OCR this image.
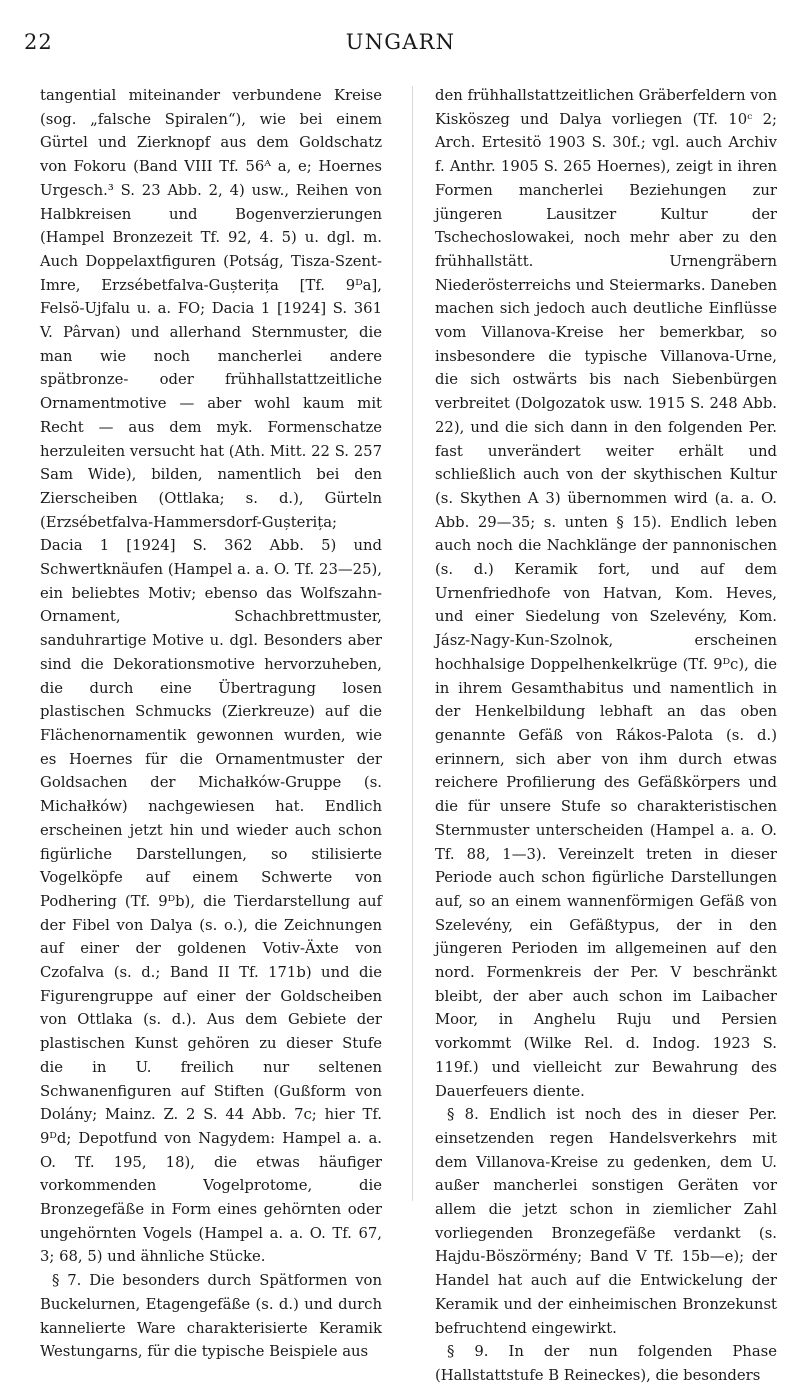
22	UNGARN

tangential miteinander verbundene Kreise (sog. „falsche Spiralen“), wie bei einem Gürtel und Zierknopf aus dem Goldschatz von Fokoru (Band VIII Tf. 56ᴬ a, e; Hoernes Urgesch.³ S. 23 Abb. 2, 4) usw., Reihen von Halbkreisen und Bogenverzierungen (Hampel Bronzezeit Tf. 92, 4. 5) u. dgl. m. Auch Doppelaxtfiguren (Potság, Tisza-Szent-Imre, Erzsébetfalva-Gușterița [Tf. 9ᴰa], Felsö-Ujfalu u. a. FO; Dacia 1 [1924] S. 361 V. Pârvan) und allerhand Sternmuster, die man wie noch mancherlei andere spätbronze- oder frühhallstattzeitliche Ornamentmotive — aber wohl kaum mit Recht — aus dem myk. Formenschatze herzuleiten versucht hat (Ath. Mitt. 22 S. 257 Sam Wide), bilden, namentlich bei den Zierscheiben (Ottlaka; s. d.), Gürteln (Erzsébetfalva-Hammersdorf-Gușterița; Dacia 1 [1924] S. 362 Abb. 5) und Schwertknäufen (Hampel a. a. O. Tf. 23—25), ein beliebtes Motiv; ebenso das Wolfszahn-Ornament, Schachbrettmuster, sanduhrartige Motive u. dgl. Besonders aber sind die Dekorationsmotive hervorzuheben, die durch eine Übertragung losen plastischen Schmucks (Zierkreuze) auf die Flächenornamentik gewonnen wurden, wie es Hoernes für die Ornamentmuster der Goldsachen der Michałków-Gruppe (s. Michałków) nachgewiesen hat. Endlich erscheinen jetzt hin und wieder auch schon figürliche Darstellungen, so stilisierte Vogelköpfe auf einem Schwerte von Podhering (Tf. 9ᴰb), die Tierdarstellung auf der Fibel von Dalya (s. o.), die Zeichnungen auf einer der goldenen Votiv-Äxte von Czofalva (s. d.; Band II Tf. 171b) und die Figurengruppe auf einer der Goldscheiben von Ottlaka (s. d.). Aus dem Gebiete der plastischen Kunst gehören zu dieser Stufe die in U. freilich nur seltenen Schwanenfiguren auf Stiften (Gußform von Dolány; Mainz. Z. 2 S. 44 Abb. 7c; hier Tf. 9ᴰd; Depotfund von Nagydem: Hampel a. a. O. Tf. 195, 18), die etwas häufiger vorkommenden Vogelprotome, die Bronzegefäße in Form eines gehörnten oder ungehörnten Vogels (Hampel a. a. O. Tf. 67, 3; 68, 5) und ähnliche Stücke.

§ 7. Die besonders durch Spätformen von Buckelurnen, Etagengefäße (s. d.) und durch kannelierte Ware charakterisierte Keramik Westungarns, für die typische Beispiele aus

den frühhallstattzeitlichen Gräberfeldern von Kisköszeg und Dalya vorliegen (Tf. 10ᶜ 2; Arch. Ertesitö 1903 S. 30f.; vgl. auch Archiv f. Anthr. 1905 S. 265 Hoernes), zeigt in ihren Formen mancherlei Beziehungen zur jüngeren Lausitzer Kultur der Tschechoslowakei, noch mehr aber zu den frühhallstätt. Urnengräbern Niederösterreichs und Steiermarks. Daneben machen sich jedoch auch deutliche Einflüsse vom Villanova-Kreise her bemerkbar, so insbesondere die typische Villanova-Urne, die sich ostwärts bis nach Siebenbürgen verbreitet (Dolgozatok usw. 1915 S. 248 Abb. 22), und die sich dann in den folgenden Per. fast unverändert weiter erhält und schließlich auch von der skythischen Kultur (s. Skythen A 3) übernommen wird (a. a. O. Abb. 29—35; s. unten § 15). Endlich leben auch noch die Nachklänge der pannonischen (s. d.) Keramik fort, und auf dem Urnenfriedhofe von Hatvan, Kom. Heves, und einer Siedelung von Szelevény, Kom. Jász-Nagy-Kun-Szolnok, erscheinen hochhalsige Doppelhenkelkrüge (Tf. 9ᴰc), die in ihrem Gesamthabitus und namentlich in der Henkelbildung lebhaft an das oben genannte Gefäß von Rákos-Palota (s. d.) erinnern, sich aber von ihm durch etwas reichere Profilierung des Gefäßkörpers und die für unsere Stufe so charakteristischen Sternmuster unterscheiden (Hampel a. a. O. Tf. 88, 1—3). Vereinzelt treten in dieser Periode auch schon figürliche Darstellungen auf, so an einem wannenförmigen Gefäß von Szelevény, ein Gefäßtypus, der in den jüngeren Perioden im allgemeinen auf den nord. Formenkreis der Per. V beschränkt bleibt, der aber auch schon im Laibacher Moor, in Anghelu Ruju und Persien vorkommt (Wilke Rel. d. Indog. 1923 S. 119f.) und vielleicht zur Bewahrung des Dauerfeuers diente.

§ 8. Endlich ist noch des in dieser Per. einsetzenden regen Handelsverkehrs mit dem Villanova-Kreise zu gedenken, dem U. außer mancherlei sonstigen Geräten vor allem die jetzt schon in ziemlicher Zahl vorliegenden Bronzegefäße verdankt (s. Hajdu-Böszörmény; Band V Tf. 15b—e); der Handel hat auch auf die Entwickelung der Keramik und der einheimischen Bronzekunst befruchtend eingewirkt.

§ 9. In der nun folgenden Phase (Hallstattstufe B Reineckes), die besonders
